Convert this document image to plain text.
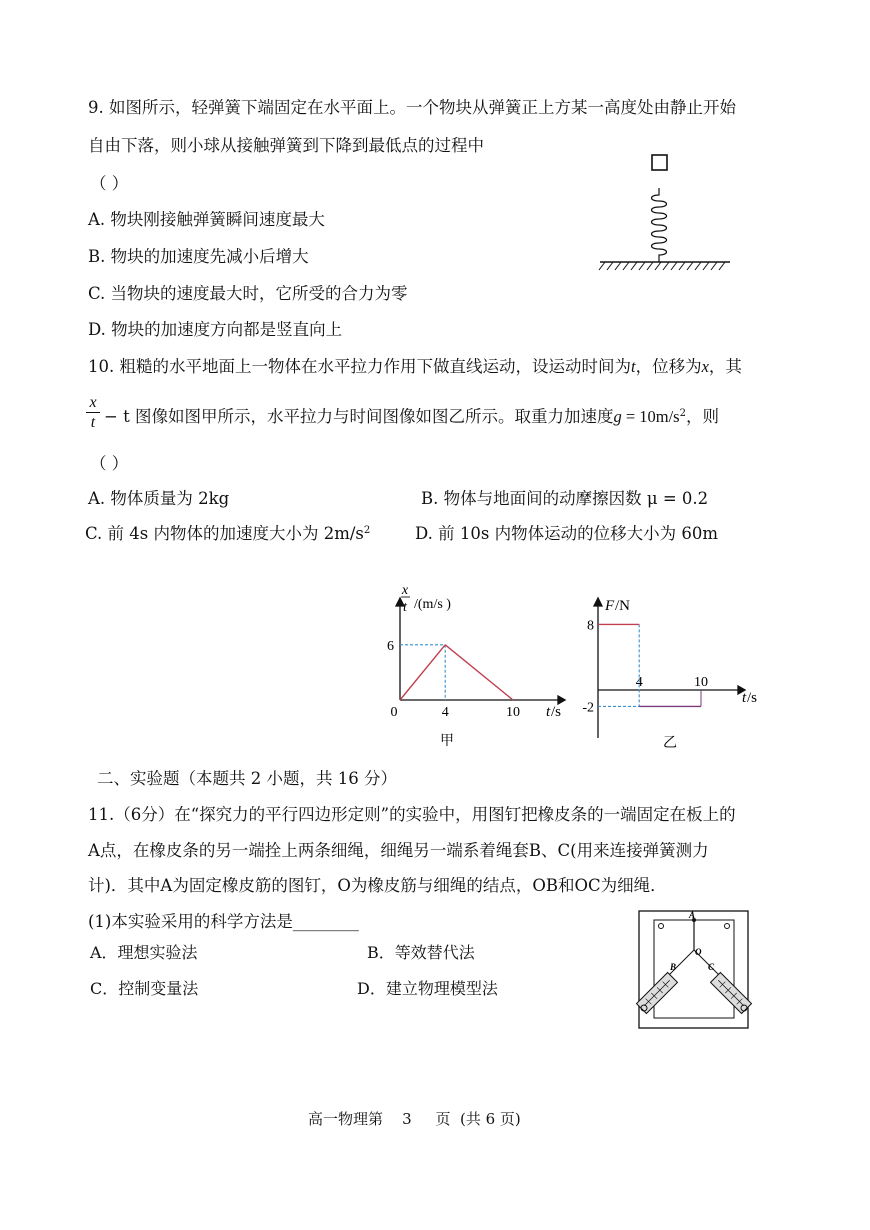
9. 如图所示，轻弹簧下端固定在水平面上。一个物块从弹簧正上方某一高度处由静止开始
自由下落，则小球从接触弹簧到下降到最低点的过程中
（ ）
A. 物块刚接触弹簧瞬间速度最大
B. 物块的加速度先减小后增大
C. 当物块的速度最大时，它所受的合力为零
D. 物块的加速度方向都是竖直向上
10. 粗糙的水平地面上一物体在水平拉力作用下做直线运动，设运动时间为t，位移为x，其
$\frac{x}{t} - t$ 图像如图甲所示，水平拉力与时间图像如图乙所示。取重力加速度$g = 10m/s^2$，则
（ ）
A. 物体质量为 2kg	B. 物体与地面间的动摩擦因数 μ = 0.2
C. 前 4s 内物体的加速度大小为 $2m/s^2$	D. 前 10s 内物体运动的位移大小为 60m
0	4	10
6
x
t /(m/s )
t /s
甲
4	10
8
-2
F /N
t /s
乙
二、实验题（本题共 2 小题，共 16 分）
11.（6分）在“探究力的平行四边形定则”的实验中，用图钉把橡皮条的一端固定在板上的
A点，在橡皮条的另一端拴上两条细绳，细绳另一端系着绳套B、C(用来连接弹簧测力
计)．其中A为固定橡皮筋的图钉，O为橡皮筋与细绳的结点，OB和OC为细绳．
(1)本实验采用的科学方法是________
A．理想实验法	B．等效替代法
C．控制变量法	D．建立物理模型法
A
O
B	C
高一物理第    3     页  (共 6 页)
